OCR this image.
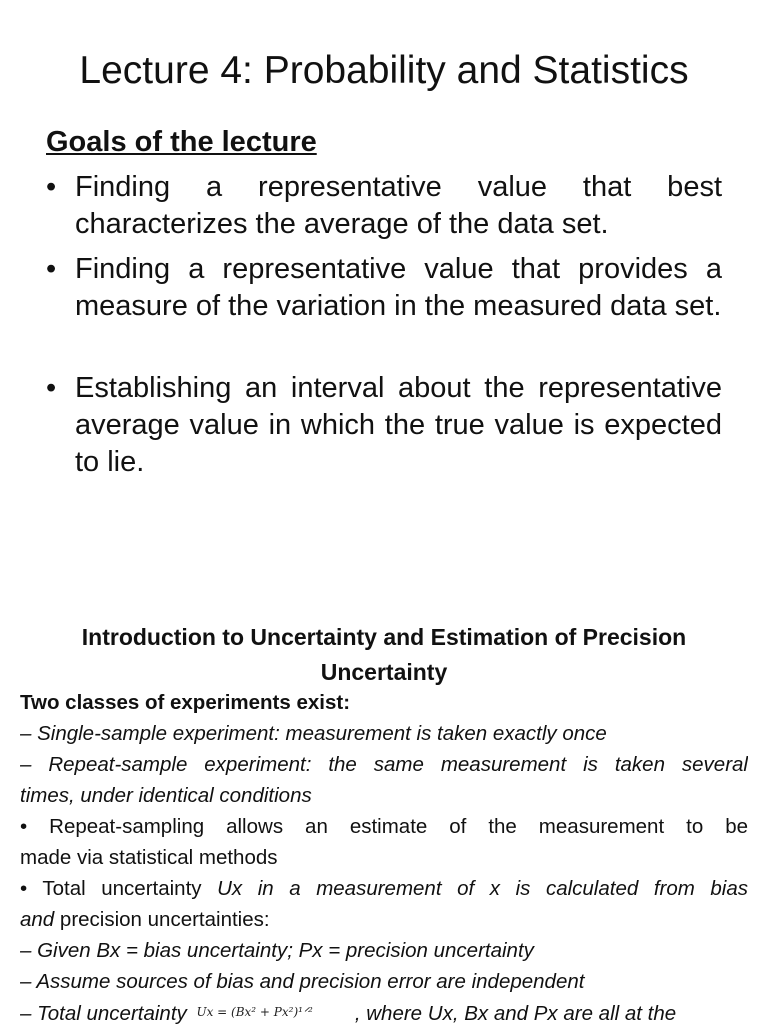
Lecture 4: Probability and Statistics
Goals of the lecture
• Finding a representative value that best characterizes the average of the data set.
• Finding a representative value that provides a measure of the variation in the measured data set.
• Establishing an interval about the representative average value in which the true value is expected to lie.
Introduction to Uncertainty and Estimation of Precision Uncertainty
Two classes of experiments exist:
– Single-sample experiment: measurement is taken exactly once
– Repeat-sample experiment: the same measurement is taken several
times, under identical conditions
• Repeat-sampling allows an estimate of the measurement to be
made via statistical methods
• Total uncertainty Ux in a measurement of x is calculated from bias
and precision uncertainties:
– Given Bx = bias uncertainty; Px = precision uncertainty
– Assume sources of bias and precision error are independent
– Total uncertainty Ux = (Bx² + Px²)¹ᐟ² , where Ux, Bx and Px are all at the
